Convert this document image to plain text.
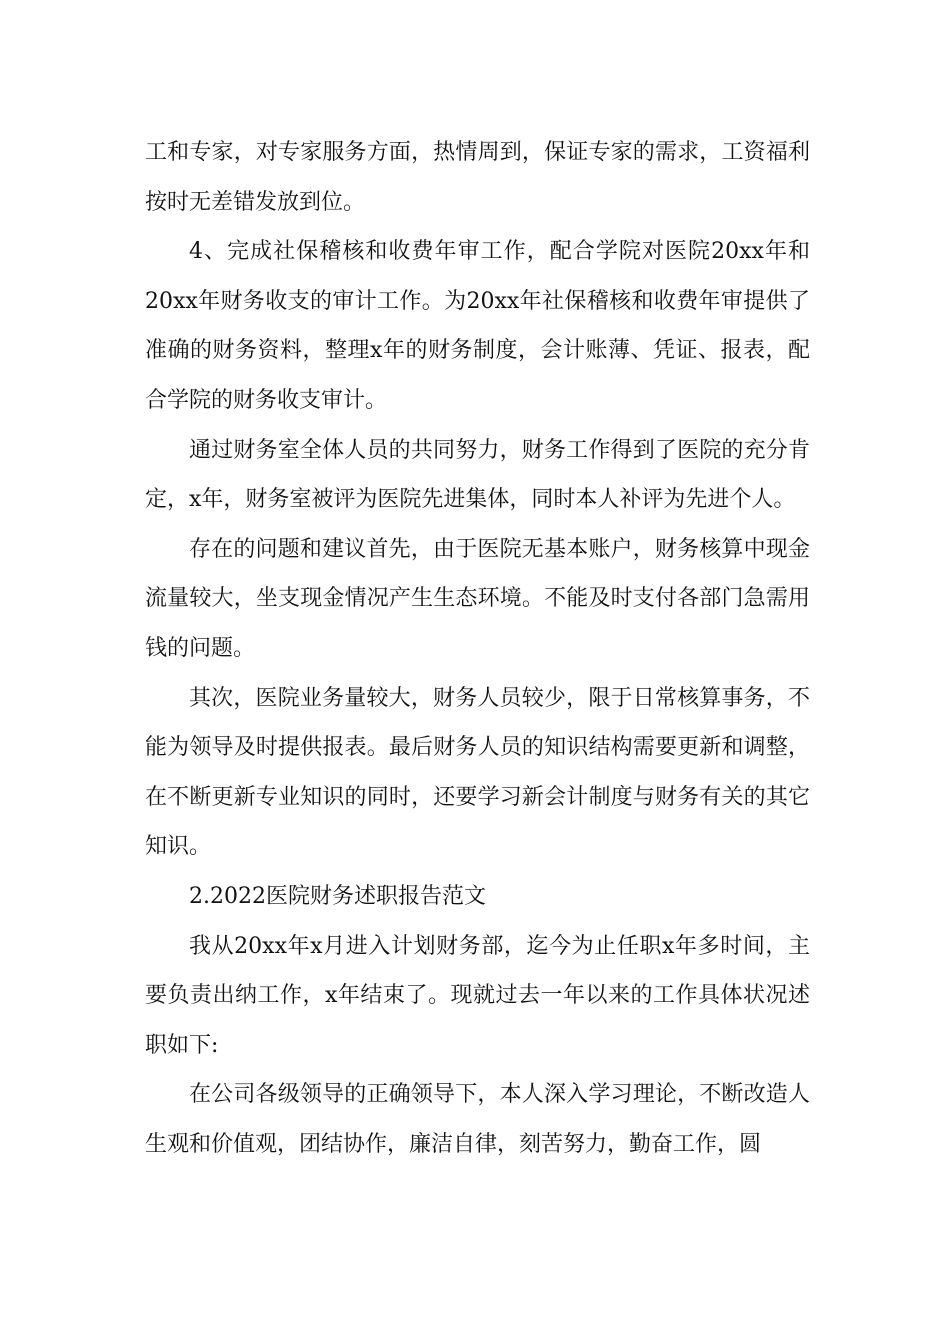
工和专家，对专家服务方面，热情周到，保证专家的需求，工资福利按时无差错发放到位。

4、完成社保稽核和收费年审工作，配合学院对医院20xx年和20xx年财务收支的审计工作。为20xx年社保稽核和收费年审提供了准确的财务资料，整理x年的财务制度，会计账薄、凭证、报表，配合学院的财务收支审计。

通过财务室全体人员的共同努力，财务工作得到了医院的充分肯定，x年，财务室被评为医院先进集体，同时本人补评为先进个人。

存在的问题和建议首先，由于医院无基本账户，财务核算中现金流量较大，坐支现金情况产生生态环境。不能及时支付各部门急需用钱的问题。

其次，医院业务量较大，财务人员较少，限于日常核算事务，不能为领导及时提供报表。最后财务人员的知识结构需要更新和调整，在不断更新专业知识的同时，还要学习新会计制度与财务有关的其它知识。

2.2022医院财务述职报告范文

我从20xx年x月进入计划财务部，迄今为止任职x年多时间，主要负责出纳工作，x年结束了。现就过去一年以来的工作具体状况述职如下:

在公司各级领导的正确领导下，本人深入学习理论，不断改造人生观和价值观，团结协作，廉洁自律，刻苦努力，勤奋工作，圆
